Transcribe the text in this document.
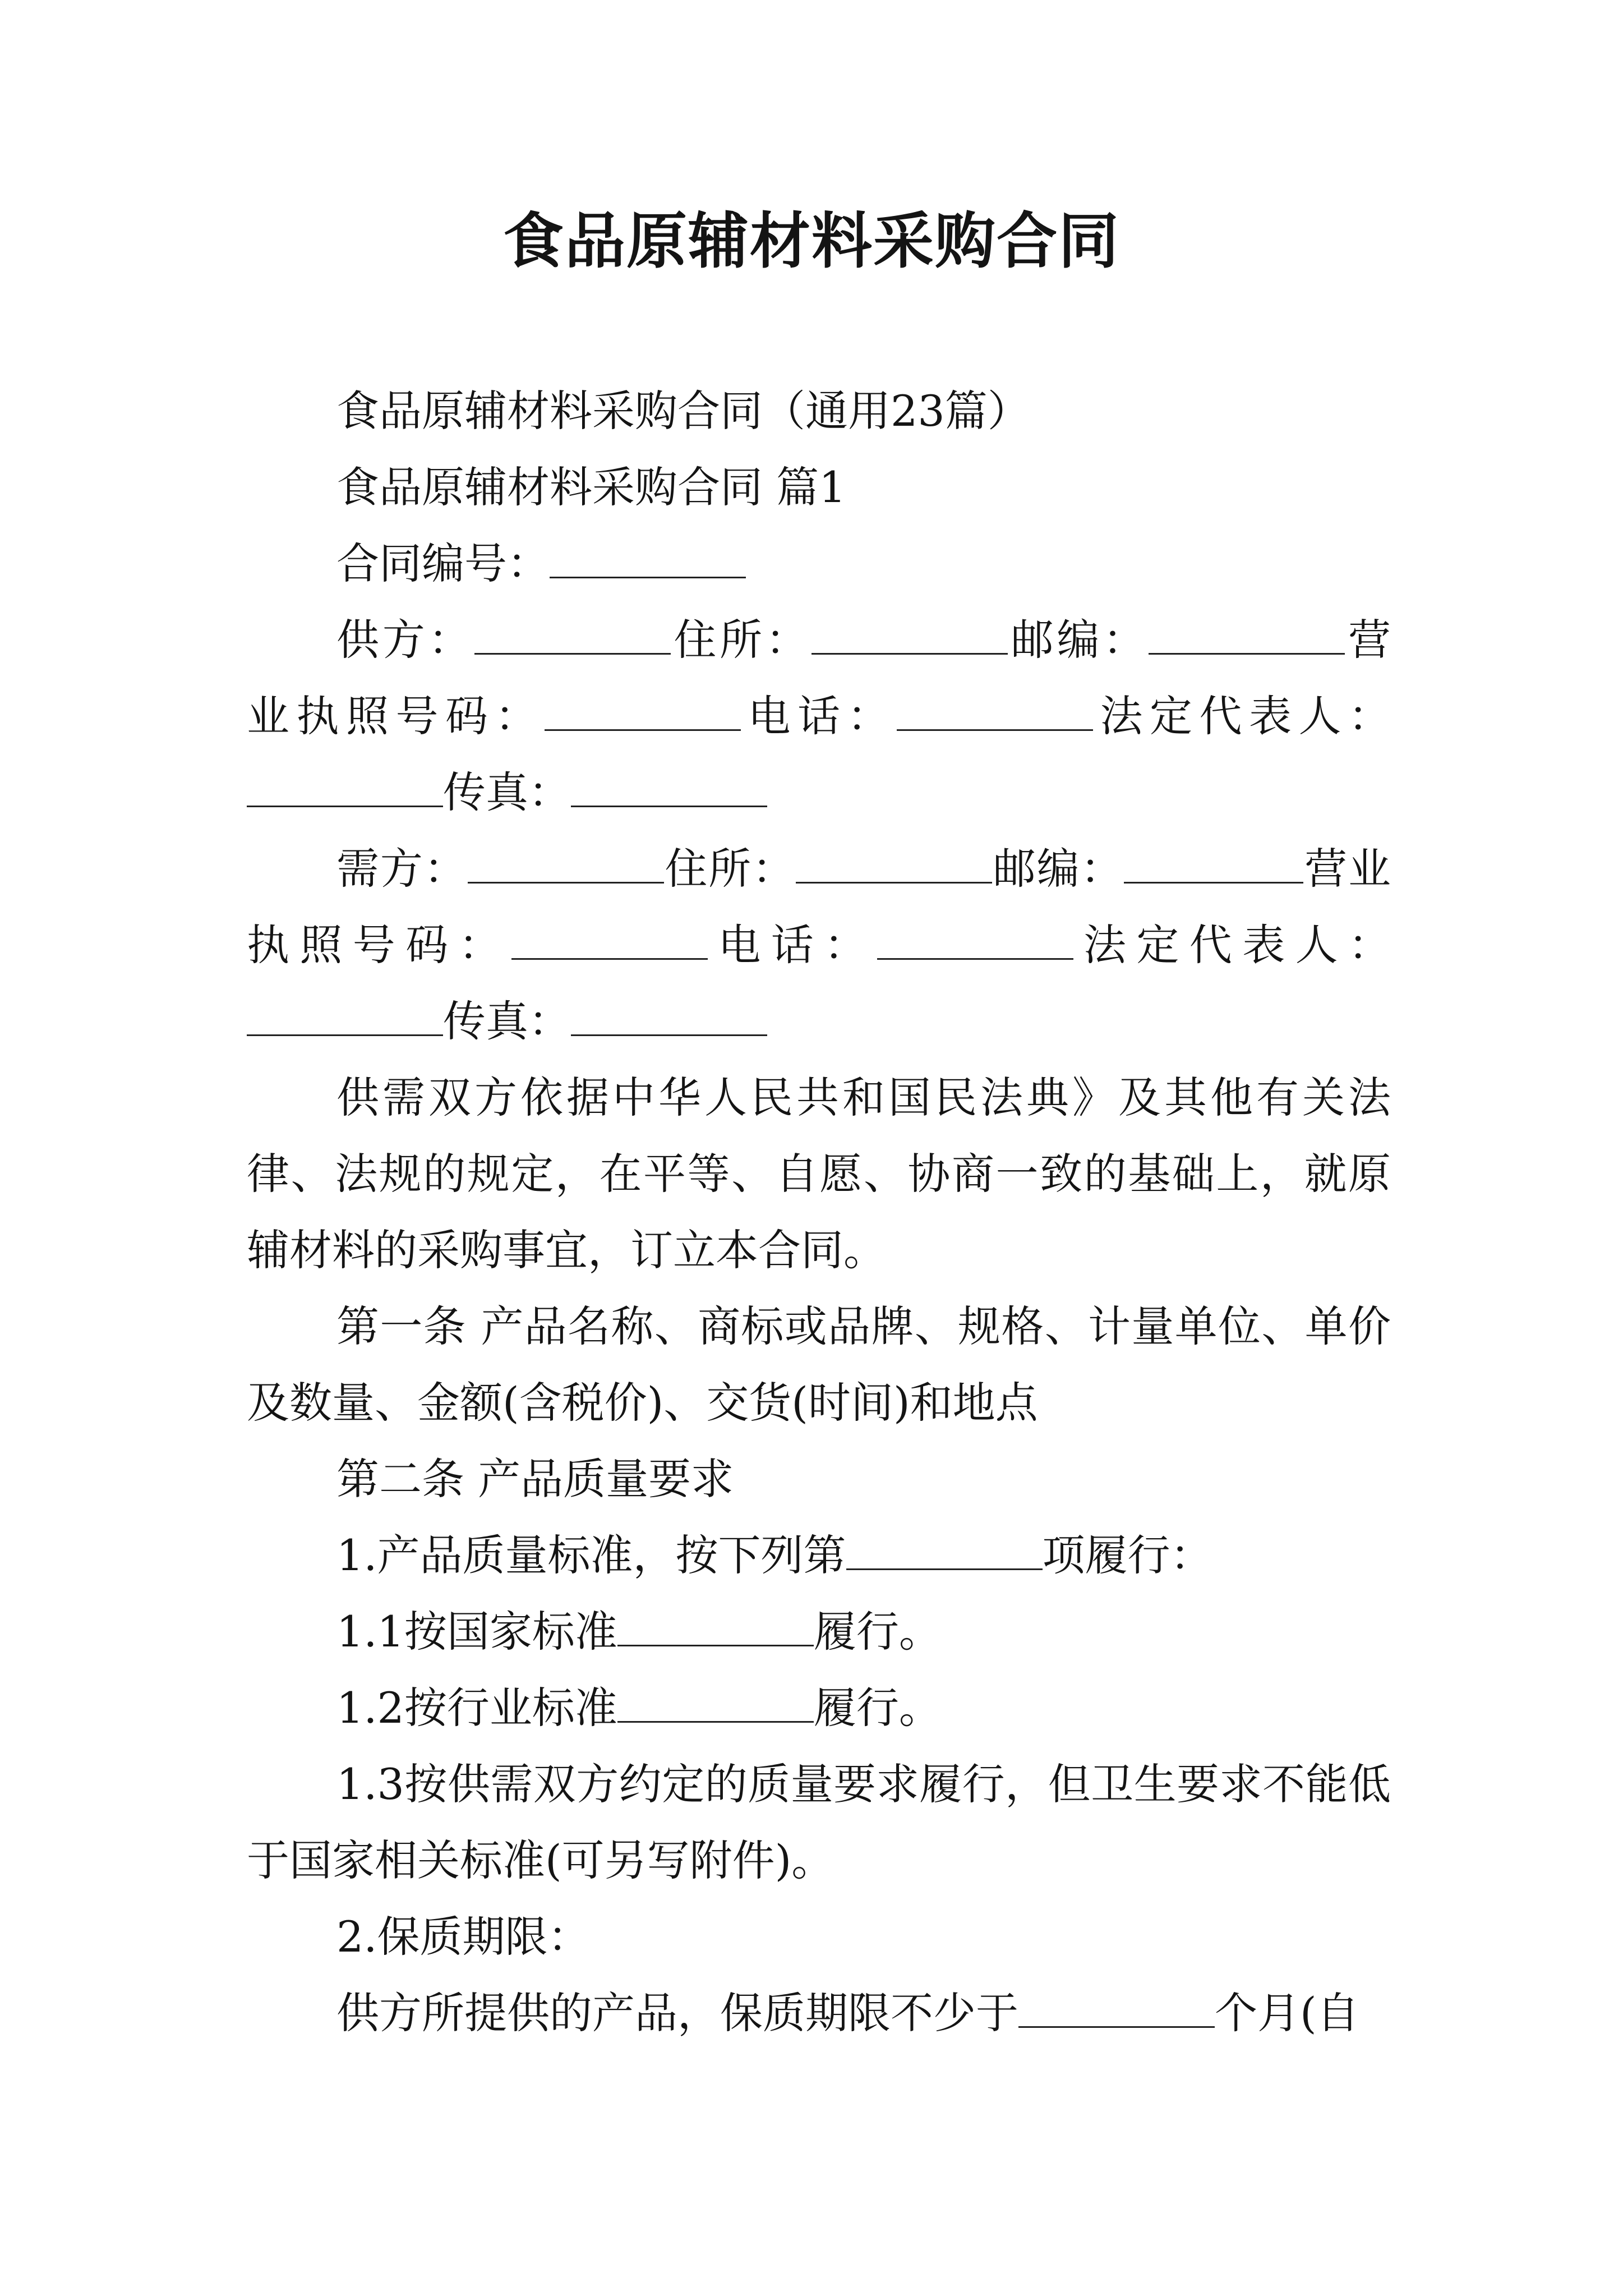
食品原辅材料采购合同

食品原辅材料采购合同（通用23篇）

食品原辅材料采购合同 篇1

合同编号：

供方：	住所：	邮编：	营业执照号码：	电话：	法定代表人：传真：

需方：	住所：	邮编：	营业执照号码：	电话：	法定代表人：传真：

供需双方依据中华人民共和国民法典》及其他有关法律、法规的规定，在平等、自愿、协商一致的基础上，就原辅材料的采购事宜，订立本合同。

第一条 产品名称、商标或品牌、规格、计量单位、单价及数量、金额(含税价)、交货(时间)和地点

第二条 产品质量要求

1.产品质量标准，按下列第	项履行：

1.1按国家标准	履行。

1.2按行业标准	履行。

1.3按供需双方约定的质量要求履行，但卫生要求不能低于国家相关标准(可另写附件)。

2.保质期限：

供方所提供的产品，保质期限不少于	个月(自
